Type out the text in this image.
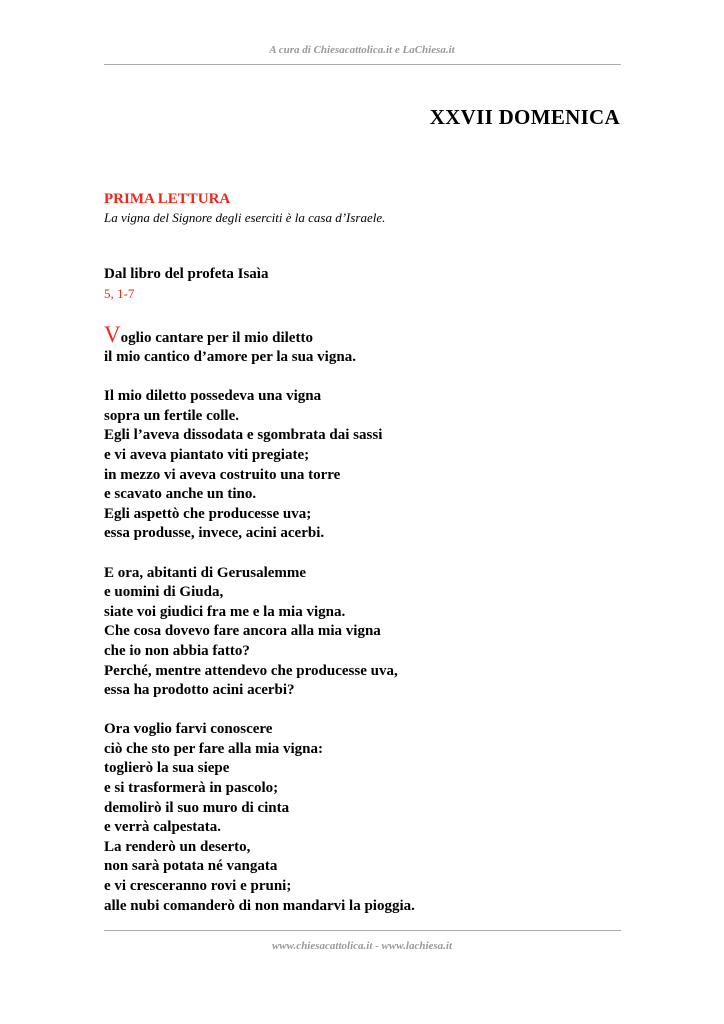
A cura di Chiesacattolica.it e LaChiesa.it
XXVII DOMENICA
PRIMA LETTURA
La vigna del Signore degli eserciti è la casa d’Israele.
Dal libro del profeta Isaìa
5, 1-7
Voglio cantare per il mio diletto
il mio cantico d’amore per la sua vigna.
Il mio diletto possedeva una vigna
sopra un fertile colle.
Egli l’aveva dissodata e sgombrata dai sassi
e vi aveva piantato viti pregiate;
in mezzo vi aveva costruito una torre
e scavato anche un tino.
Egli aspettò che producesse uva;
essa produsse, invece, acini acerbi.
E ora, abitanti di Gerusalemme
e uomini di Giuda,
siate voi giudici fra me e la mia vigna.
Che cosa dovevo fare ancora alla mia vigna
che io non abbia fatto?
Perché, mentre attendevo che producesse uva,
essa ha prodotto acini acerbi?
Ora voglio farvi conoscere
ciò che sto per fare alla mia vigna:
toglierò la sua siepe
e si trasformerà in pascolo;
demolirò il suo muro di cinta
e verrà calpestata.
La renderò un deserto,
non sarà potata né vangata
e vi cresceranno rovi e pruni;
alle nubi comanderò di non mandarvi la pioggia.
www.chiesacattolica.it - www.lachiesa.it
